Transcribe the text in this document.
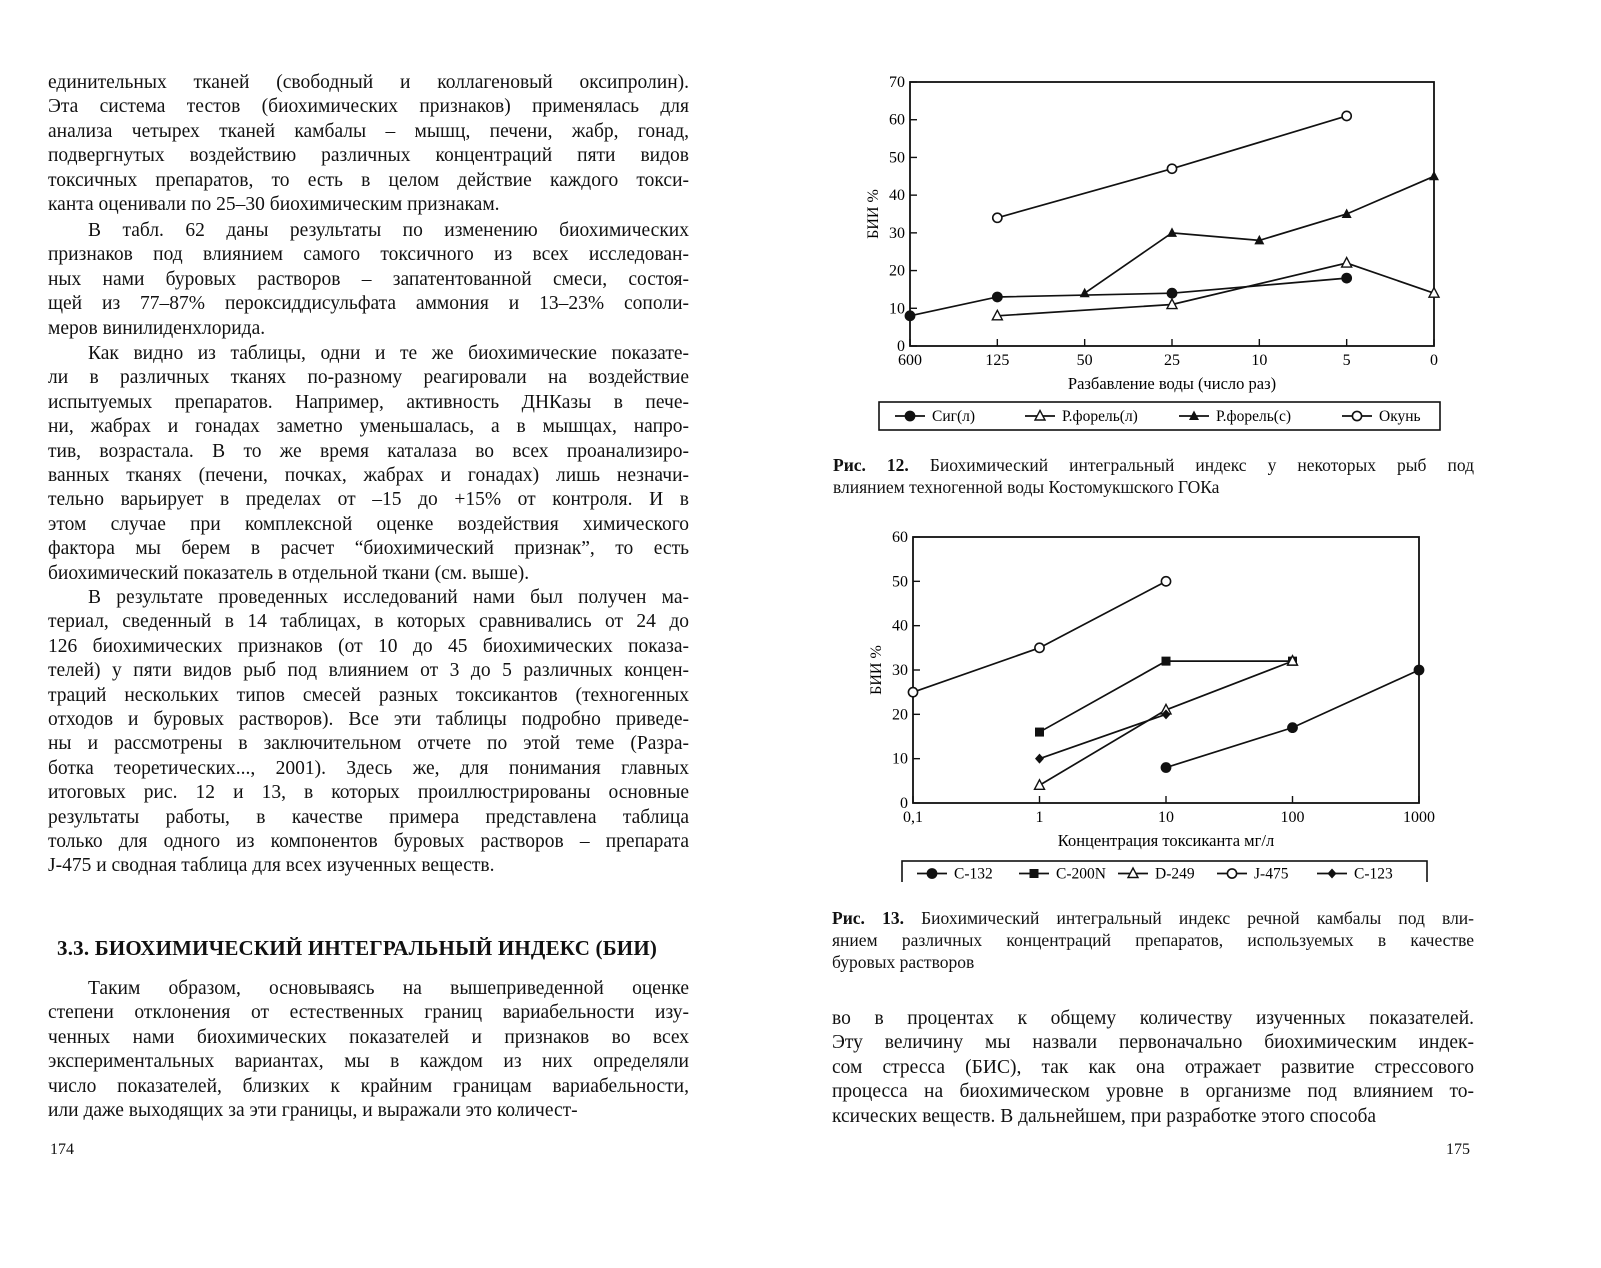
единительных тканей (свободный и коллагеновый оксипролин).
Эта система тестов (биохимических признаков) применялась для
анализа четырех тканей камбалы – мышц, печени, жабр, гонад,
подвергнутых воздействию различных концентраций пяти видов
токсичных препаратов, то есть в целом действие каждого токси-
канта оценивали по 25–30 биохимическим признакам.
В табл. 62 даны результаты по изменению биохимических
признаков под влиянием самого токсичного из всех исследован-
ных нами буровых растворов – запатентованной смеси, состоя-
щей из 77–87% пероксиддисульфата аммония и 13–23% сополи-
меров винилиденхлорида.
Как видно из таблицы, одни и те же биохимические показате-
ли в различных тканях по-разному реагировали на воздействие
испытуемых препаратов. Например, активность ДНКазы в пече-
ни, жабрах и гонадах заметно уменьшалась, а в мышцах, напро-
тив, возрастала. В то же время каталаза во всех проанализиро-
ванных тканях (печени, почках, жабрах и гонадах) лишь незначи-
тельно варьирует в пределах от –15 до +15% от контроля. И в
этом случае при комплексной оценке воздействия химического
фактора мы берем в расчет “биохимический признак”, то есть
биохимический показатель в отдельной ткани (см. выше).
В результате проведенных исследований нами был получен ма-
териал, сведенный в 14 таблицах, в которых сравнивались от 24 до
126 биохимических признаков (от 10 до 45 биохимических показа-
телей) у пяти видов рыб под влиянием от 3 до 5 различных концен-
траций нескольких типов смесей разных токсикантов (техногенных
отходов и буровых растворов). Все эти таблицы подробно приведе-
ны и рассмотрены в заключительном отчете по этой теме (Разра-
ботка теоретических..., 2001). Здесь же, для понимания главных
итоговых рис. 12 и 13, в которых проиллюстрированы основные
результаты работы, в качестве примера представлена таблица
только для одного из компонентов буровых растворов – препарата
J-475 и сводная таблица для всех изученных веществ.
3.3. БИОХИМИЧЕСКИЙ ИНТЕГРАЛЬНЫЙ ИНДЕКС (БИИ)
Таким образом, основываясь на вышеприведенной оценке
степени отклонения от естественных границ вариабельности изу-
ченных нами биохимических показателей и признаков во всех
экспериментальных вариантах, мы в каждом из них определяли
число показателей, близких к крайним границам вариабельности,
или даже выходящих за эти границы, и выражали это количест-
174
0
10
20
30
40
50
60
70
600	125	50	25	10	5	0
БИИ %
Разбавление воды (число раз)
Сиг(л)	Р.форель(л)	Р.форель(с)	Окунь
Рис. 12. Биохимический интегральный индекс у некоторых рыб под
влиянием техногенной воды Костомукшского ГОКа
0
10
20
30
40
50
60
0,1	1	10	100	1000
БИИ %
Концентрация токсиканта мг/л
C-132	C-200N	D-249	J-475	C-123
Рис. 13. Биохимический интегральный индекс речной камбалы под вли-
янием различных концентраций препаратов, используемых в качестве
буровых растворов
во в процентах к общему количеству изученных показателей.
Эту величину мы назвали первоначально биохимическим индек-
сом стресса (БИС), так как она отражает развитие стрессового
процесса на биохимическом уровне в организме под влиянием то-
ксических веществ. В дальнейшем, при разработке этого способа
175
